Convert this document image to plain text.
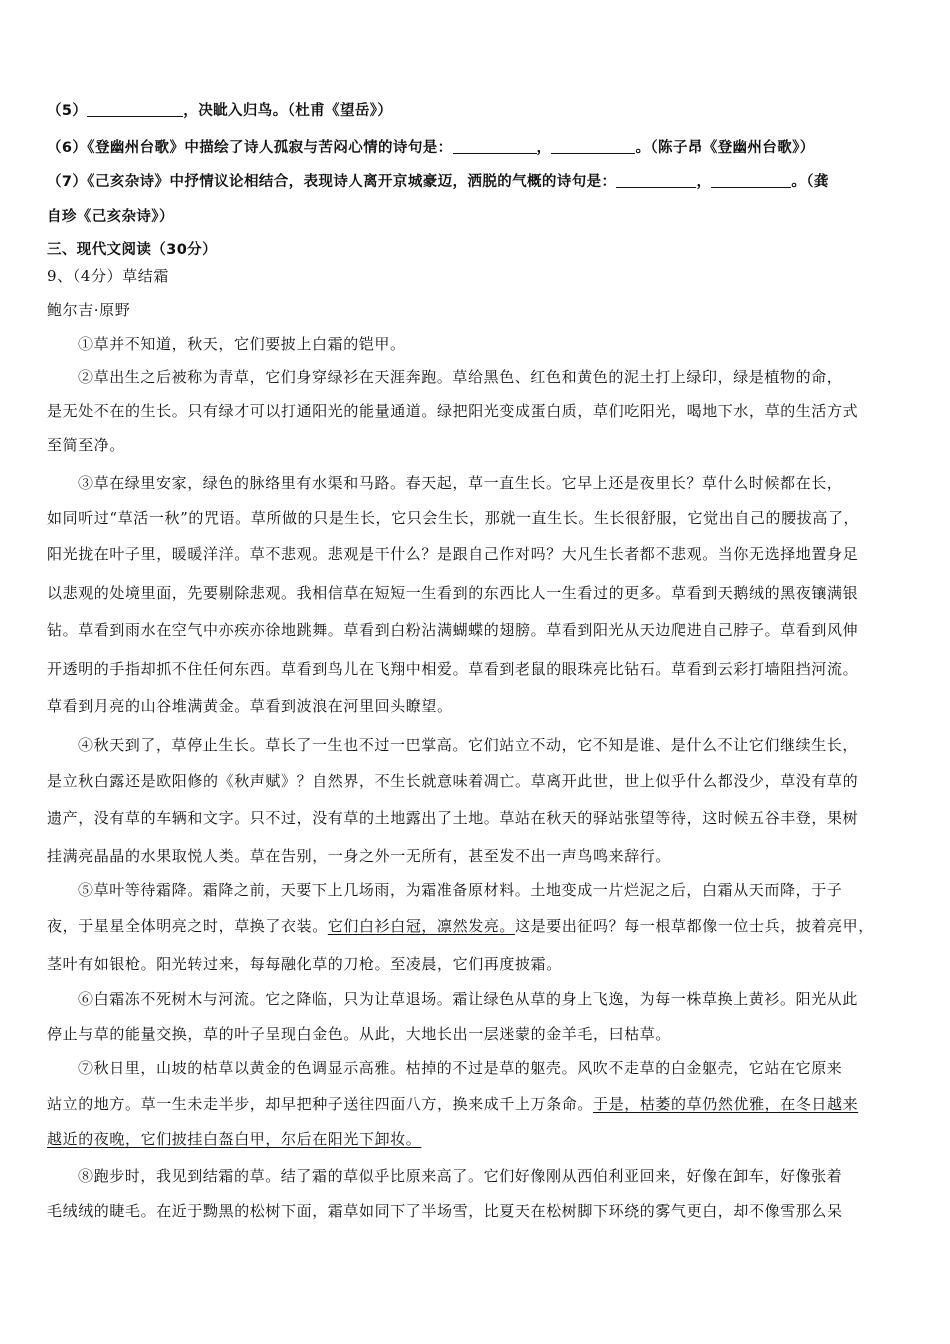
（5）	，决眦入归鸟。（杜甫《望岳》）
（6）《登幽州台歌》中描绘了诗人孤寂与苦闷心情的诗句是：	，	。（陈子昂《登幽州台歌》）
（7）《己亥杂诗》中抒情议论相结合，表现诗人离开京城豪迈，洒脱的气概的诗句是：	，	。（龚
自珍《己亥杂诗》）
三、现代文阅读（30分）
9、（4分）草结霜
鲍尔吉·原野
①草并不知道，秋天，它们要披上白霜的铠甲。
②草出生之后被称为青草，它们身穿绿衫在天涯奔跑。草给黑色、红色和黄色的泥土打上绿印，绿是植物的命，
是无处不在的生长。只有绿才可以打通阳光的能量通道。绿把阳光变成蛋白质，草们吃阳光，喝地下水，草的生活方式
至简至净。
③草在绿里安家，绿色的脉络里有水渠和马路。春天起，草一直生长。它早上还是夜里长？草什么时候都在长，
如同听过“草活一秋”的咒语。草所做的只是生长，它只会生长，那就一直生长。生长很舒服，它觉出自己的腰拔高了，
阳光拢在叶子里，暖暖洋洋。草不悲观。悲观是干什么？是跟自己作对吗？大凡生长者都不悲观。当你无选择地置身足
以悲观的处境里面，先要剔除悲观。我相信草在短短一生看到的东西比人一生看过的更多。草看到天鹅绒的黑夜镶满银
钻。草看到雨水在空气中亦疾亦徐地跳舞。草看到白粉沾满蝴蝶的翅膀。草看到阳光从天边爬进自己脖子。草看到风伸
开透明的手指却抓不住任何东西。草看到鸟儿在飞翔中相爱。草看到老鼠的眼珠亮比钻石。草看到云彩打墙阻挡河流。
草看到月亮的山谷堆满黄金。草看到波浪在河里回头瞭望。
④秋天到了，草停止生长。草长了一生也不过一巴掌高。它们站立不动，它不知是谁、是什么不让它们继续生长，
是立秋白露还是欧阳修的《秋声赋》？自然界，不生长就意味着凋亡。草离开此世，世上似乎什么都没少，草没有草的
遗产，没有草的车辆和文字。只不过，没有草的土地露出了土地。草站在秋天的驿站张望等待，这时候五谷丰登，果树
挂满亮晶晶的水果取悦人类。草在告别，一身之外一无所有，甚至发不出一声鸟鸣来辞行。
⑤草叶等待霜降。霜降之前，天要下上几场雨，为霜准备原材料。土地变成一片烂泥之后，白霜从天而降，于子
夜，于星星全体明亮之时，草换了衣装。它们白衫白冠，凛然发亮。这是要出征吗？每一根草都像一位士兵，披着亮甲，
茎叶有如银枪。阳光转过来，每每融化草的刀枪。至凌晨，它们再度披霜。
⑥白霜冻不死树木与河流。它之降临，只为让草退场。霜让绿色从草的身上飞逸，为每一株草换上黄衫。阳光从此
停止与草的能量交换，草的叶子呈现白金色。从此，大地长出一层迷蒙的金羊毛，曰枯草。
⑦秋日里，山坡的枯草以黄金的色调显示高雅。枯掉的不过是草的躯壳。风吹不走草的白金躯壳，它站在它原来
站立的地方。草一生未走半步，却早把种子送往四面八方，换来成千上万条命。于是，枯萎的草仍然优雅，在冬日越来
越近的夜晚，它们披挂白盔白甲，尔后在阳光下卸妆。
⑧跑步时，我见到结霜的草。结了霜的草似乎比原来高了。它们好像刚从西伯利亚回来，好像在卸车，好像张着
毛绒绒的睫毛。在近于黝黑的松树下面，霜草如同下了半场雪，比夏天在松树脚下环绕的雾气更白，却不像雪那么呆
